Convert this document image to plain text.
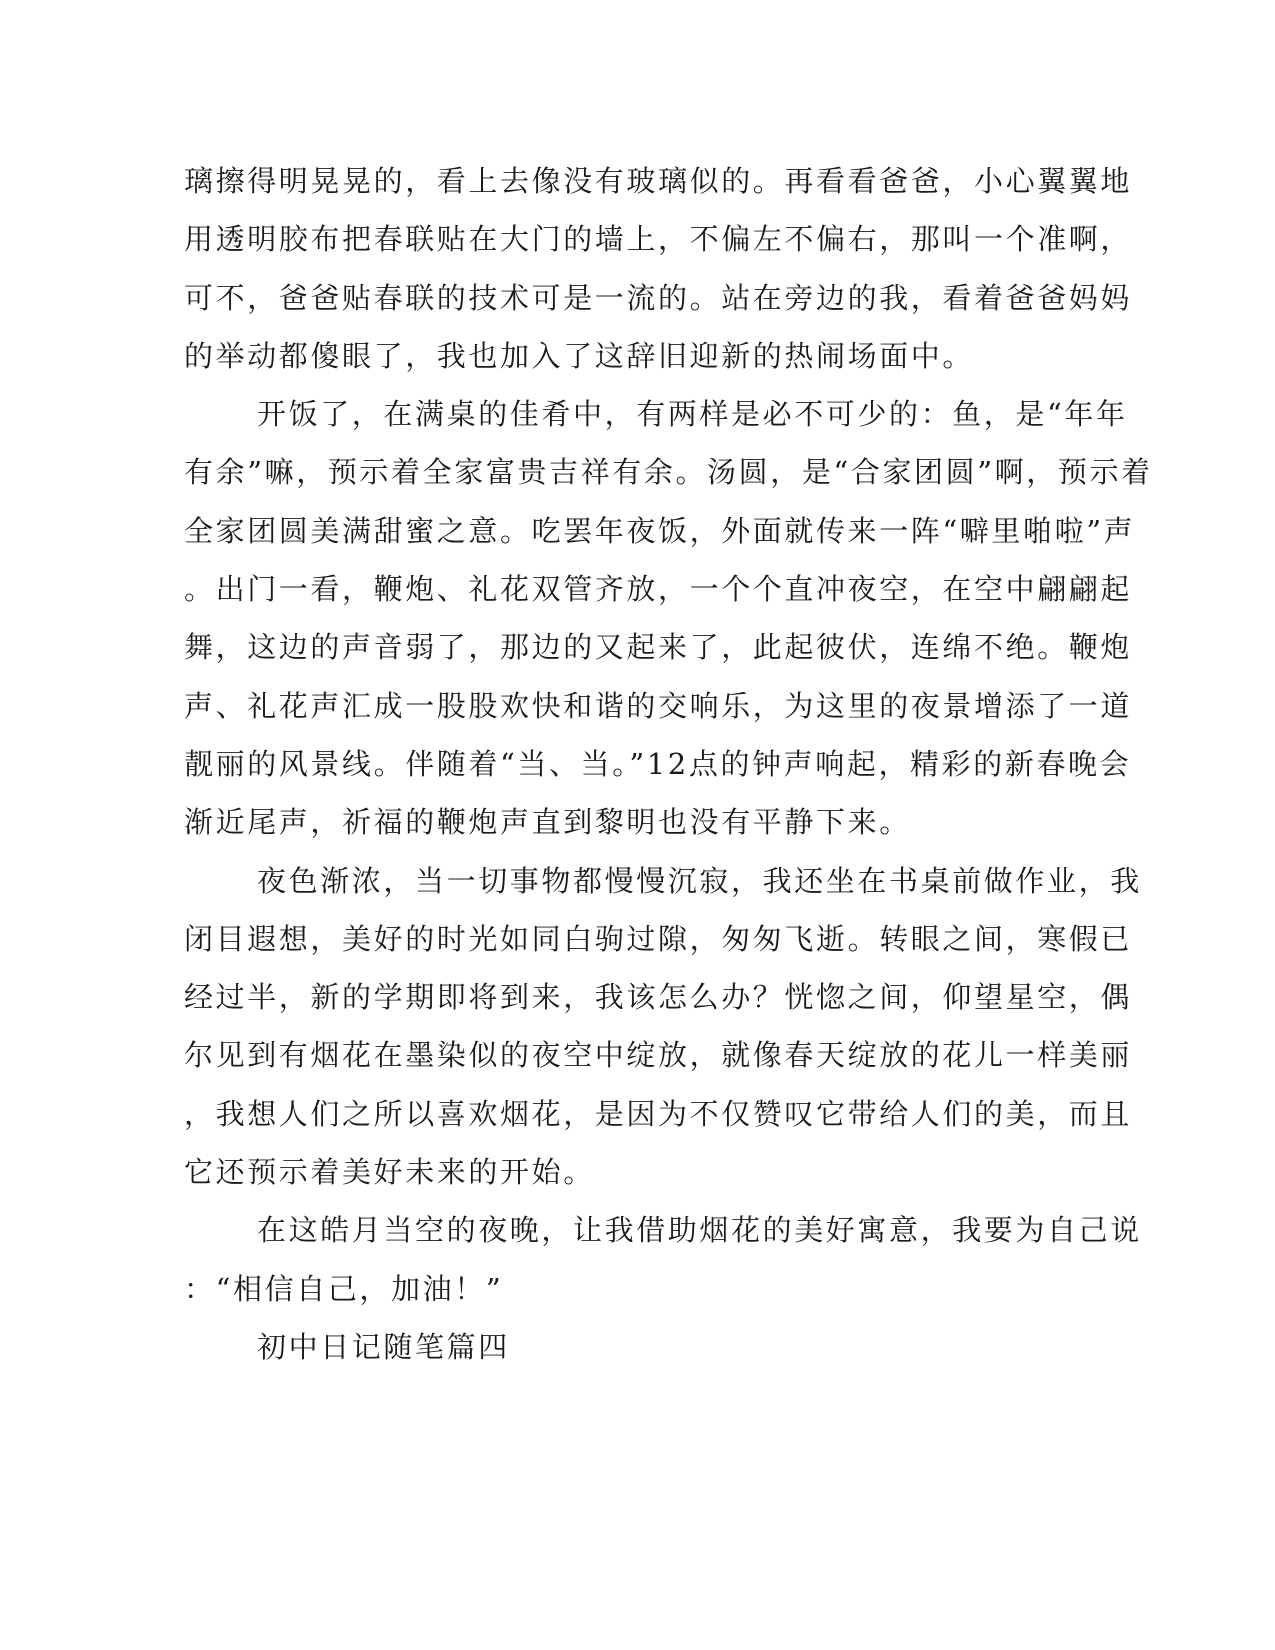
璃擦得明晃晃的，看上去像没有玻璃似的。再看看爸爸，小心翼翼地
用透明胶布把春联贴在大门的墙上，不偏左不偏右，那叫一个准啊，
可不，爸爸贴春联的技术可是一流的。站在旁边的我，看着爸爸妈妈
的举动都傻眼了，我也加入了这辞旧迎新的热闹场面中。
开饭了，在满桌的佳肴中，有两样是必不可少的：鱼，是“年年
有余”嘛，预示着全家富贵吉祥有余。汤圆，是“合家团圆”啊，预示着
全家团圆美满甜蜜之意。吃罢年夜饭，外面就传来一阵“噼里啪啦”声
。出门一看，鞭炮、礼花双管齐放，一个个直冲夜空，在空中翩翩起
舞，这边的声音弱了，那边的又起来了，此起彼伏，连绵不绝。鞭炮
声、礼花声汇成一股股欢快和谐的交响乐，为这里的夜景增添了一道
靓丽的风景线。伴随着“当、当。”12点的钟声响起，精彩的新春晚会
渐近尾声，祈福的鞭炮声直到黎明也没有平静下来。
夜色渐浓，当一切事物都慢慢沉寂，我还坐在书桌前做作业，我
闭目遐想，美好的时光如同白驹过隙，匆匆飞逝。转眼之间，寒假已
经过半，新的学期即将到来，我该怎么办？恍惚之间，仰望星空，偶
尔见到有烟花在墨染似的夜空中绽放，就像春天绽放的花儿一样美丽
，我想人们之所以喜欢烟花，是因为不仅赞叹它带给人们的美，而且
它还预示着美好未来的开始。
在这皓月当空的夜晚，让我借助烟花的美好寓意，我要为自己说
：“相信自己，加油！”
初中日记随笔篇四
